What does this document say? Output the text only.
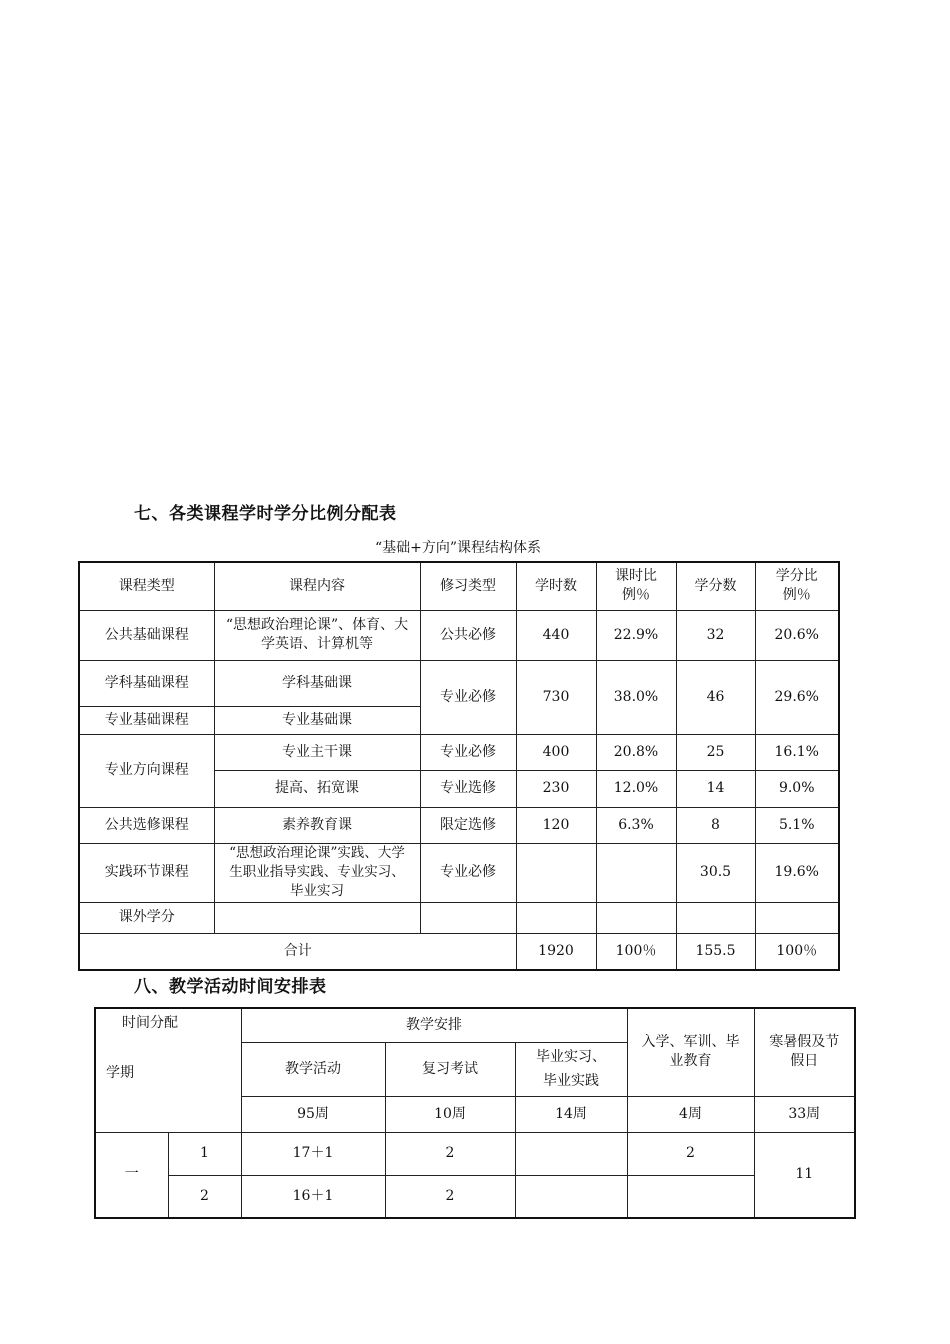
七、各类课程学时学分比例分配表
“基础+方向”课程结构体系
课程类型	课程内容	修习类型	学时数	课时比例％	学分数	学分比例％
公共基础课程	“思想政治理论课”、体育、大学英语、计算机等	公共必修	440	22.9%	32	20.6%
学科基础课程	学科基础课	专业必修	730	38.0%	46	29.6%
专业基础课程	专业基础课					
专业方向课程	专业主干课	专业必修	400	20.8%	25	16.1%
	提高、拓宽课	专业选修	230	12.0%	14	9.0%
公共选修课程	素养教育课	限定选修	120	6.3%	8	5.1%
实践环节课程	“思想政治理论课”实践、大学生职业指导实践、专业实习、毕业实习	专业必修			30.5	19.6%
课外学分						
合计			1920	100％	155.5	100％
八、教学活动时间安排表
时间分配
学期		教学安排			入学、军训、毕业教育	寒暑假及节假日
		教学活动	复习考试	毕业实习、毕业实践		
		95周	10周	14周	4周	33周
一	1	17＋1	2		2	11
	2	16＋1	2			
